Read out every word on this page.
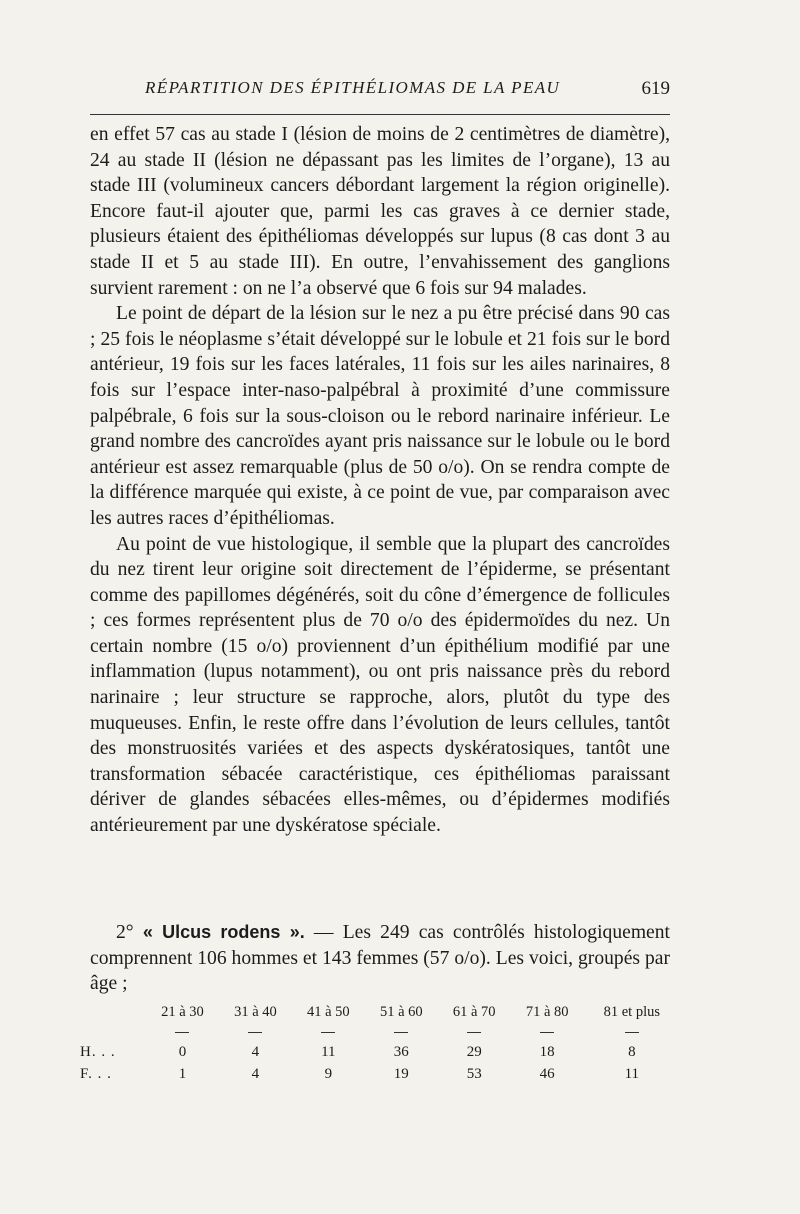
RÉPARTITION DES ÉPITHÉLIOMAS DE LA PEAU	619

en effet 57 cas au stade I (lésion de moins de 2 centimètres de diamètre), 24 au stade II (lésion ne dépassant pas les limites de l’organe), 13 au stade III (volumineux cancers débordant largement la région originelle). Encore faut-il ajouter que, parmi les cas graves à ce dernier stade, plusieurs étaient des épithéliomas développés sur lupus (8 cas dont 3 au stade II et 5 au stade III). En outre, l’envahissement des ganglions survient rarement : on ne l’a observé que 6 fois sur 94 malades.

Le point de départ de la lésion sur le nez a pu être précisé dans 90 cas ; 25 fois le néoplasme s’était développé sur le lobule et 21 fois sur le bord antérieur, 19 fois sur les faces latérales, 11 fois sur les ailes narinaires, 8 fois sur l’espace inter-naso-palpébral à proximité d’une commissure palpébrale, 6 fois sur la sous-cloison ou le rebord narinaire inférieur. Le grand nombre des cancroïdes ayant pris naissance sur le lobule ou le bord antérieur est assez remarquable (plus de 50 o/o). On se rendra compte de la différence marquée qui existe, à ce point de vue, par comparaison avec les autres races d’épithéliomas.

Au point de vue histologique, il semble que la plupart des cancroïdes du nez tirent leur origine soit directement de l’épiderme, se présentant comme des papillomes dégénérés, soit du cône d’émergence de follicules ; ces formes représentent plus de 70 o/o des épidermoïdes du nez. Un certain nombre (15 o/o) proviennent d’un épithélium modifié par une inflammation (lupus notamment), ou ont pris naissance près du rebord narinaire ; leur structure se rapproche, alors, plutôt du type des muqueuses. Enfin, le reste offre dans l’évolution de leurs cellules, tantôt des monstruosités variées et des aspects dyskératosiques, tantôt une transformation sébacée caractéristique, ces épithéliomas paraissant dériver de glandes sébacées elles-mêmes, ou d’épidermes modifiés antérieurement par une dyskératose spéciale.

2° « Ulcus rodens ». — Les 249 cas contrôlés histologiquement comprennent 106 hommes et 143 femmes (57 o/o). Les voici, groupés par âge ;
	21 à 30	31 à 40	41 à 50	51 à 60	61 à 70	71 à 80	81 et plus

H. . .	0	4	11	36	29	18	8
F. . .	1	4	9	19	53	46	11
